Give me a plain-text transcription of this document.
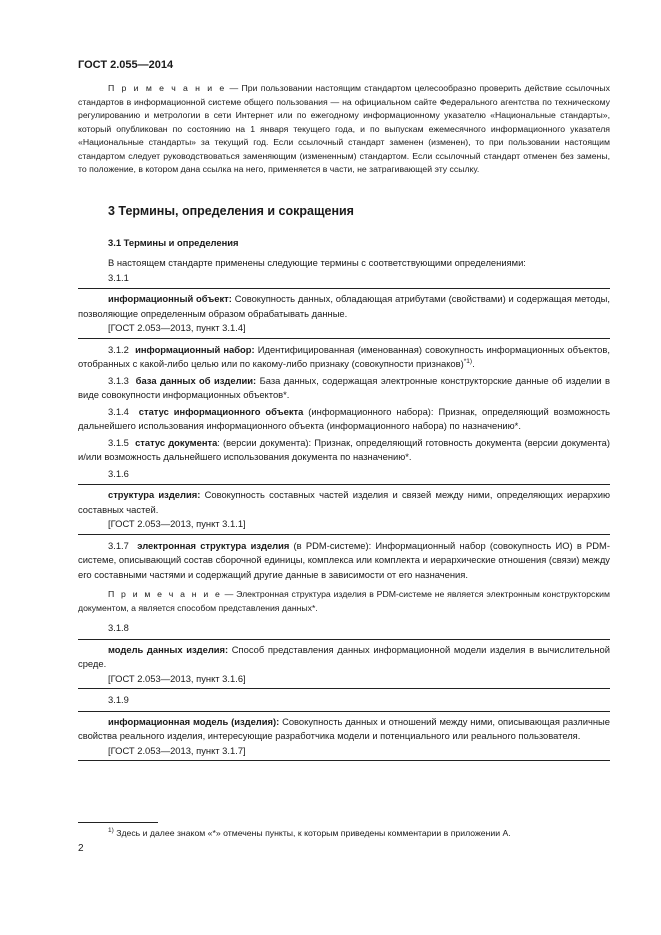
ГОСТ 2.055—2014

П р и м е ч а н и е — При пользовании настоящим стандартом целесообразно проверить действие ссылочных стандартов в информационной системе общего пользования — на официальном сайте Федерального агентства по техническому регулированию и метрологии в сети Интернет или по ежегодному информационному указателю «Национальные стандарты», который опубликован по состоянию на 1 января текущего года, и по выпускам ежемесячного информационного указателя «Национальные стандарты» за текущий год. Если ссылочный стандарт заменен (изменен), то при пользовании настоящим стандартом следует руководствоваться заменяющим (измененным) стандартом. Если ссылочный стандарт отменен без замены, то положение, в котором дана ссылка на него, применяется в части, не затрагивающей эту ссылку.

3 Термины, определения и сокращения
3.1 Термины и определения

В настоящем стандарте применены следующие термины с соответствующими определениями:

3.1.1

информационный объект: Совокупность данных, обладающая атрибутами (свойствами) и содержащая методы, позволяющие определенным образом обрабатывать данные.

[ГОСТ 2.053—2013, пункт 3.1.4]

3.1.2 информационный набор: Идентифицированная (именованная) совокупность информационных объектов, отобранных с какой-либо целью или по какому-либо признаку (совокупности признаков)$^{*1)}$.

3.1.3 база данных об изделии: База данных, содержащая электронные конструкторские данные об изделии в виде совокупности информационных объектов*.

3.1.4 статус информационного объекта (информационного набора): Признак, определяющий возможность дальнейшего использования информационного объекта (информационного набора) по назначению*.

3.1.5 статус документа: (версии документа): Признак, определяющий готовность документа (версии документа) и/или возможность дальнейшего использования документа по назначению*.

3.1.6

структура изделия: Совокупность составных частей изделия и связей между ними, определяющих иерархию составных частей.

[ГОСТ 2.053—2013, пункт 3.1.1]

3.1.7 электронная структура изделия (в PDM-системе): Информационный набор (совокупность ИО) в PDM-системе, описывающий состав сборочной единицы, комплекса или комплекта и иерархические отношения (связи) между его составными частями и содержащий другие данные в зависимости от его назначения.

П р и м е ч а н и е — Электронная структура изделия в PDM-системе не является электронным конструкторским документом, а является способом представления данных*.

3.1.8

модель данных изделия: Способ представления данных информационной модели изделия в вычислительной среде.

[ГОСТ 2.053—2013, пункт 3.1.6]
3.1.9

информационная модель (изделия): Совокупность данных и отношений между ними, описывающая различные свойства реального изделия, интересующие разработчика модели и потенциального или реального пользователя.

[ГОСТ 2.053—2013, пункт 3.1.7]
$^{1)}$ Здесь и далее знаком «*» отмечены пункты, к которым приведены комментарии в приложении А.
2
